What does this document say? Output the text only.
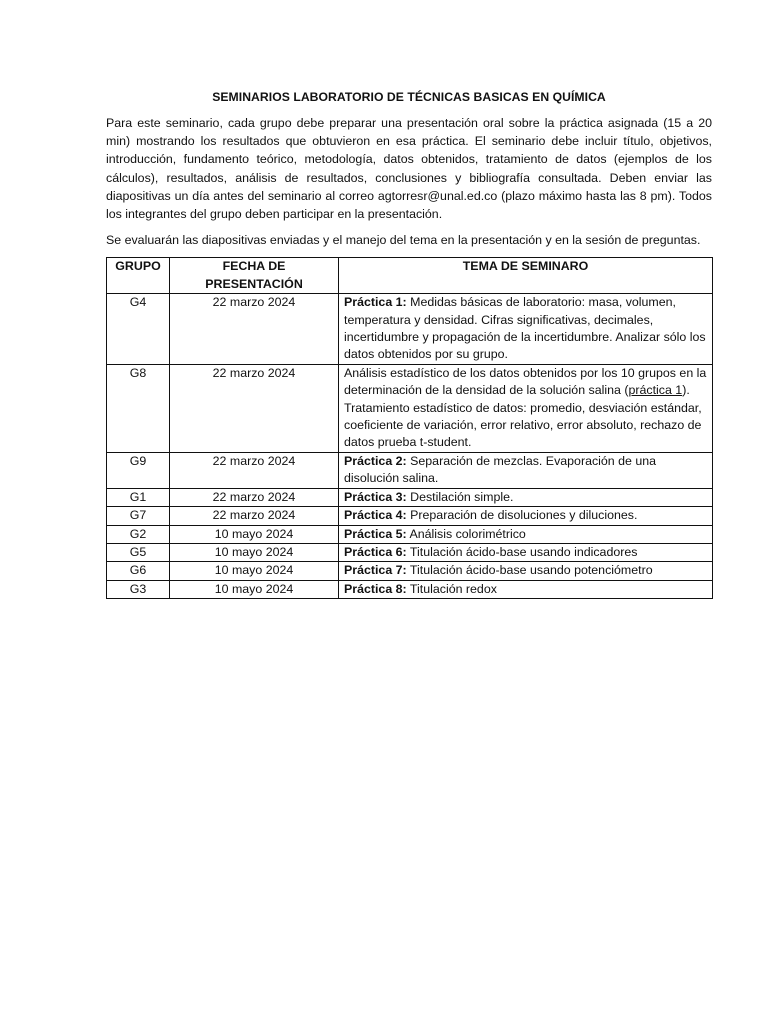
SEMINARIOS LABORATORIO DE TÉCNICAS BASICAS EN QUÍMICA

Para este seminario, cada grupo debe preparar una presentación oral sobre la práctica asignada (15 a 20 min) mostrando los resultados que obtuvieron en esa práctica. El seminario debe incluir título, objetivos, introducción, fundamento teórico, metodología, datos obtenidos, tratamiento de datos (ejemplos de los cálculos), resultados, análisis de resultados, conclusiones y bibliografía consultada. Deben enviar las diapositivas un día antes del seminario al correo agtorresr@unal.ed.co (plazo máximo hasta las 8 pm). Todos los integrantes del grupo deben participar en la presentación.

Se evaluarán las diapositivas enviadas y el manejo del tema en la presentación y en la sesión de preguntas.

GRUPO	FECHA DE PRESENTACIÓN	TEMA DE SEMINARO
G4	22 marzo 2024	Práctica 1: Medidas básicas de laboratorio: masa, volumen, temperatura y densidad. Cifras significativas, decimales, incertidumbre y propagación de la incertidumbre. Analizar sólo los datos obtenidos por su grupo.
G8	22 marzo 2024	Análisis estadístico de los datos obtenidos por los 10 grupos en la determinación de la densidad de la solución salina (práctica 1). Tratamiento estadístico de datos: promedio, desviación estándar, coeficiente de variación, error relativo, error absoluto, rechazo de datos prueba t-student.
G9	22 marzo 2024	Práctica 2: Separación de mezclas. Evaporación de una disolución salina.
G1	22 marzo 2024	Práctica 3: Destilación simple.
G7	22 marzo 2024	Práctica 4: Preparación de disoluciones y diluciones.
G2	10 mayo 2024	Práctica 5: Análisis colorimétrico
G5	10 mayo 2024	Práctica 6: Titulación ácido-base usando indicadores
G6	10 mayo 2024	Práctica 7: Titulación ácido-base usando potenciómetro
G3	10 mayo 2024	Práctica 8: Titulación redox
